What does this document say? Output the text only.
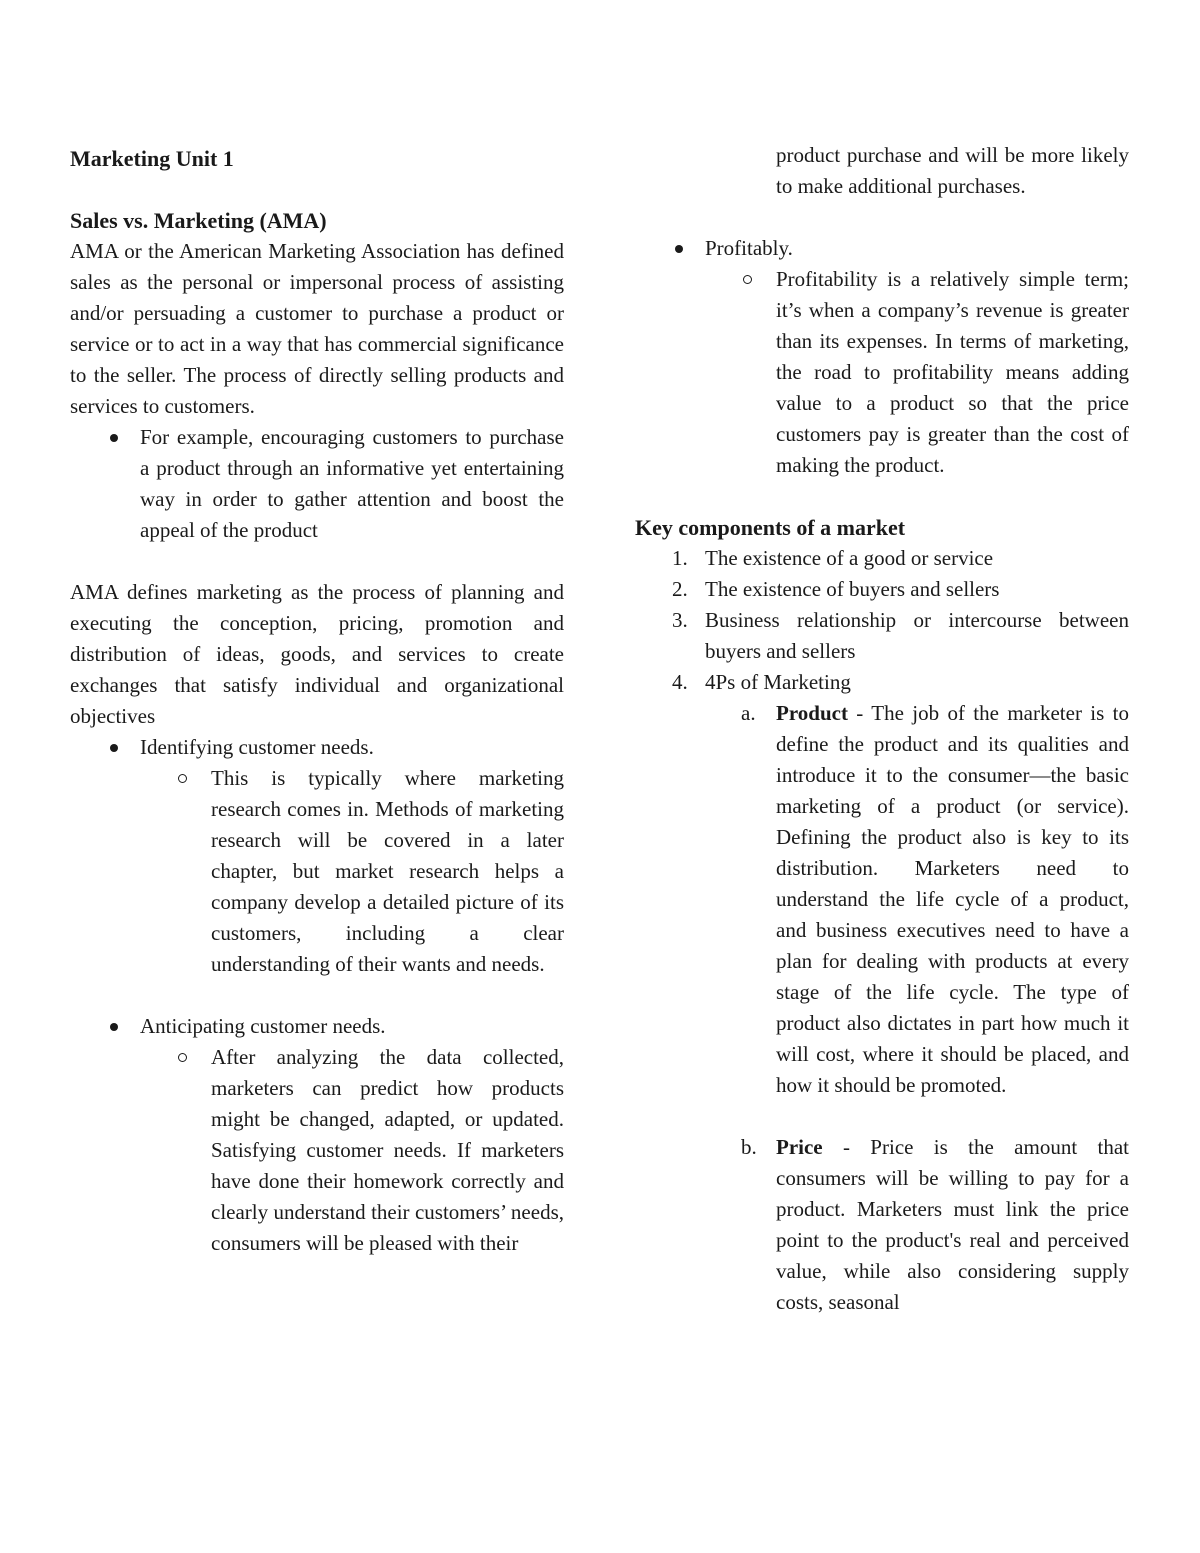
Marketing Unit 1
Sales vs. Marketing (AMA)

AMA or the American Marketing Association has defined sales as the personal or impersonal process of assisting and/or persuading a customer to purchase a product or service or to act in a way that has commercial significance to the seller. The process of directly selling products and services to customers.

For example, encouraging customers to purchase a product through an informative yet entertaining way in order to gather attention and boost the appeal of the product

AMA defines marketing as the process of planning and executing the conception, pricing, promotion and distribution of ideas, goods, and services to create exchanges that satisfy individual and organizational objectives

Identifying customer needs.
This is typically where marketing research comes in. Methods of marketing research will be covered in a later chapter, but market research helps a company develop a detailed picture of its customers, including a clear understanding of their wants and needs.
Anticipating customer needs.
After analyzing the data collected, marketers can predict how products might be changed, adapted, or updated. Satisfying customer needs. If marketers have done their homework correctly and clearly understand their customers’ needs, consumers will be pleased with their
product purchase and will be more likely to make additional purchases.
Profitably.
Profitability is a relatively simple term; it’s when a company’s revenue is greater than its expenses. In terms of marketing, the road to profitability means adding value to a product so that the price customers pay is greater than the cost of making the product.
Key components of a market
1. The existence of a good or service
2. The existence of buyers and sellers
3. Business relationship or intercourse between buyers and sellers
4. 4Ps of Marketing
a. Product - The job of the marketer is to define the product and its qualities and introduce it to the consumer—the basic marketing of a product (or service). Defining the product also is key to its distribution. Marketers need to understand the life cycle of a product, and business executives need to have a plan for dealing with products at every stage of the life cycle. The type of product also dictates in part how much it will cost, where it should be placed, and how it should be promoted.
b. Price - Price is the amount that consumers will be willing to pay for a product. Marketers must link the price point to the product's real and perceived value, while also considering supply costs, seasonal
